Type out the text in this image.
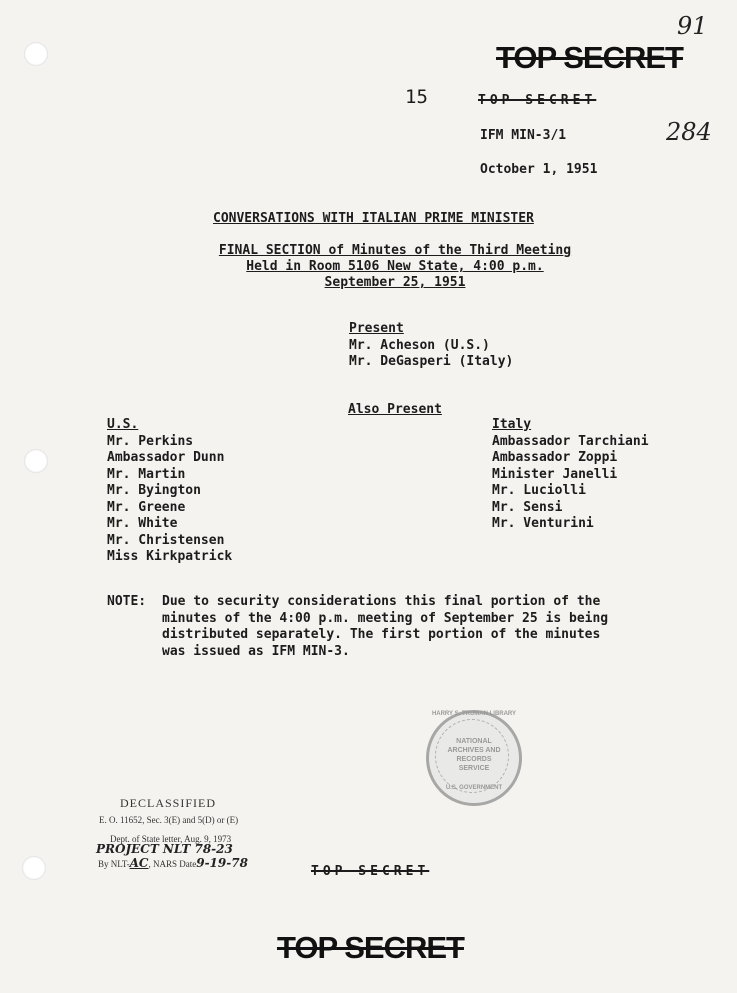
91
284
TOP SECRET
15	TOP SECRET
IFM MIN-3/1
October 1, 1951
CONVERSATIONS WITH ITALIAN PRIME MINISTER
FINAL SECTION of Minutes of the Third Meeting
Held in Room 5106 New State, 4:00 p.m.
September 25, 1951
Present
Mr. Acheson (U.S.)
Mr. DeGasperi (Italy)
Also Present
U.S.
Mr. Perkins
Ambassador Dunn
Mr. Martin
Mr. Byington
Mr. Greene
Mr. White
Mr. Christensen
Miss Kirkpatrick
Italy
Ambassador Tarchiani
Ambassador Zoppi
Minister Janelli
Mr. Luciolli
Mr. Sensi
Mr. Venturini
NOTE: Due to security considerations this final portion of the
minutes of the 4:00 p.m. meeting of September 25 is being
distributed separately. The first portion of the minutes
was issued as IFM MIN-3.
HARRY S. TRUMAN LIBRARY
NATIONAL
ARCHIVES AND
RECORDS
SERVICE
U.S. GOVERNMENT
DECLASSIFIED
E. O. 11652, Sec. 3(E) and 5(D) or (E)
Dept. of State letter, Aug. 9, 1973
PROJECT NLT 78-23
By NLT-AC, NARS Date9-19-78
TOP SECRET
TOP SECRET
